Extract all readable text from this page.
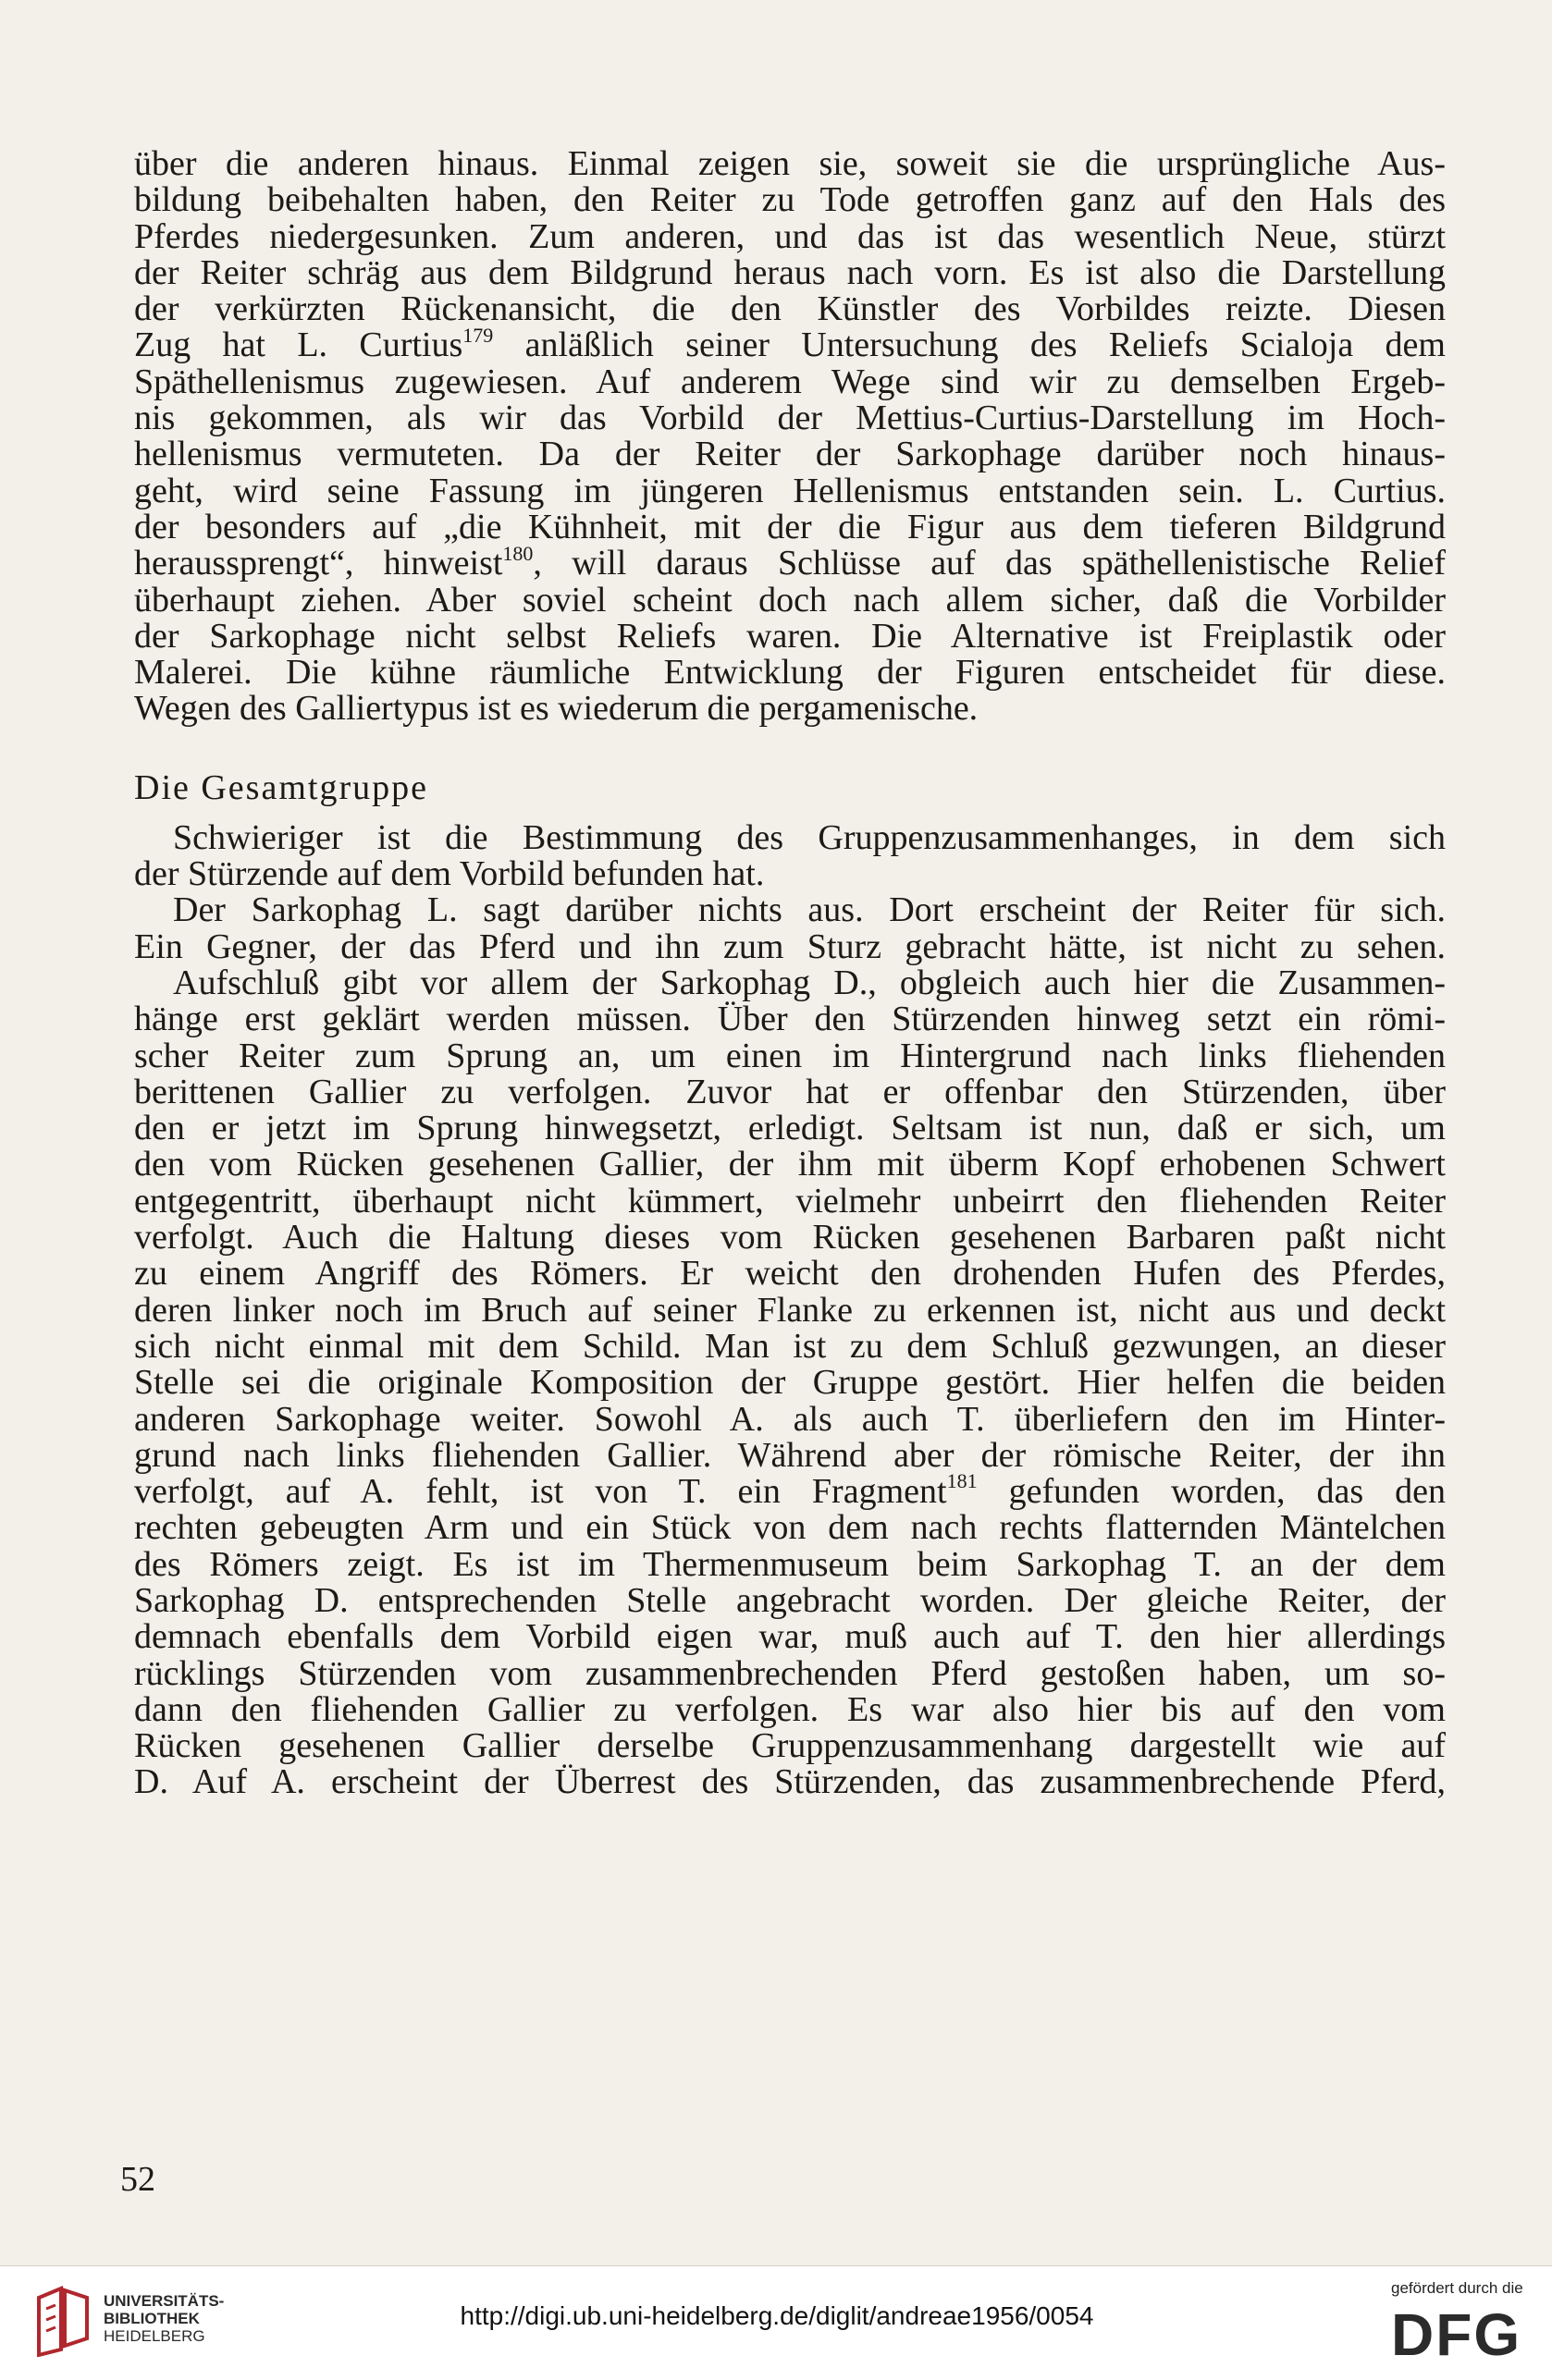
über die anderen hinaus. Einmal zeigen sie, soweit sie die ursprüngliche Aus-
bildung beibehalten haben, den Reiter zu Tode getroffen ganz auf den Hals des
Pferdes niedergesunken. Zum anderen, und das ist das wesentlich Neue, stürzt
der Reiter schräg aus dem Bildgrund heraus nach vorn. Es ist also die Darstellung
der verkürzten Rückenansicht, die den Künstler des Vorbildes reizte. Diesen
Zug hat L. Curtius$^{179}$ anläßlich seiner Untersuchung des Reliefs Scialoja dem
Späthellenismus zugewiesen. Auf anderem Wege sind wir zu demselben Ergeb-
nis gekommen, als wir das Vorbild der Mettius-Curtius-Darstellung im Hoch-
hellenismus vermuteten. Da der Reiter der Sarkophage darüber noch hinaus-
geht, wird seine Fassung im jüngeren Hellenismus entstanden sein. L. Curtius.
der besonders auf „die Kühnheit, mit der die Figur aus dem tieferen Bildgrund
heraussprengt“, hinweist$^{180}$, will daraus Schlüsse auf das späthellenistische Relief
überhaupt ziehen. Aber soviel scheint doch nach allem sicher, daß die Vorbilder
der Sarkophage nicht selbst Reliefs waren. Die Alternative ist Freiplastik oder
Malerei. Die kühne räumliche Entwicklung der Figuren entscheidet für diese.
Wegen des Galliertypus ist es wiederum die pergamenische.
Die Gesamtgruppe
Schwieriger ist die Bestimmung des Gruppenzusammenhanges, in dem sich
der Stürzende auf dem Vorbild befunden hat.
Der Sarkophag L. sagt darüber nichts aus. Dort erscheint der Reiter für sich.
Ein Gegner, der das Pferd und ihn zum Sturz gebracht hätte, ist nicht zu sehen.
Aufschluß gibt vor allem der Sarkophag D., obgleich auch hier die Zusammen-
hänge erst geklärt werden müssen. Über den Stürzenden hinweg setzt ein römi-
scher Reiter zum Sprung an, um einen im Hintergrund nach links fliehenden
berittenen Gallier zu verfolgen. Zuvor hat er offenbar den Stürzenden, über
den er jetzt im Sprung hinwegsetzt, erledigt. Seltsam ist nun, daß er sich, um
den vom Rücken gesehenen Gallier, der ihm mit überm Kopf erhobenen Schwert
entgegentritt, überhaupt nicht kümmert, vielmehr unbeirrt den fliehenden Reiter
verfolgt. Auch die Haltung dieses vom Rücken gesehenen Barbaren paßt nicht
zu einem Angriff des Römers. Er weicht den drohenden Hufen des Pferdes,
deren linker noch im Bruch auf seiner Flanke zu erkennen ist, nicht aus und deckt
sich nicht einmal mit dem Schild. Man ist zu dem Schluß gezwungen, an dieser
Stelle sei die originale Komposition der Gruppe gestört. Hier helfen die beiden
anderen Sarkophage weiter. Sowohl A. als auch T. überliefern den im Hinter-
grund nach links fliehenden Gallier. Während aber der römische Reiter, der ihn
verfolgt, auf A. fehlt, ist von T. ein Fragment$^{181}$ gefunden worden, das den
rechten gebeugten Arm und ein Stück von dem nach rechts flatternden Mäntelchen
des Römers zeigt. Es ist im Thermenmuseum beim Sarkophag T. an der dem
Sarkophag D. entsprechenden Stelle angebracht worden. Der gleiche Reiter, der
demnach ebenfalls dem Vorbild eigen war, muß auch auf T. den hier allerdings
rücklings Stürzenden vom zusammenbrechenden Pferd gestoßen haben, um so-
dann den fliehenden Gallier zu verfolgen. Es war also hier bis auf den vom
Rücken gesehenen Gallier derselbe Gruppenzusammenhang dargestellt wie auf
D. Auf A. erscheint der Überrest des Stürzenden, das zusammenbrechende Pferd,
52
UNIVERSITÄTS-
BIBLIOTHEK
HEIDELBERG
http://digi.ub.uni-heidelberg.de/diglit/andreae1956/0054
gefördert durch die
DFG
